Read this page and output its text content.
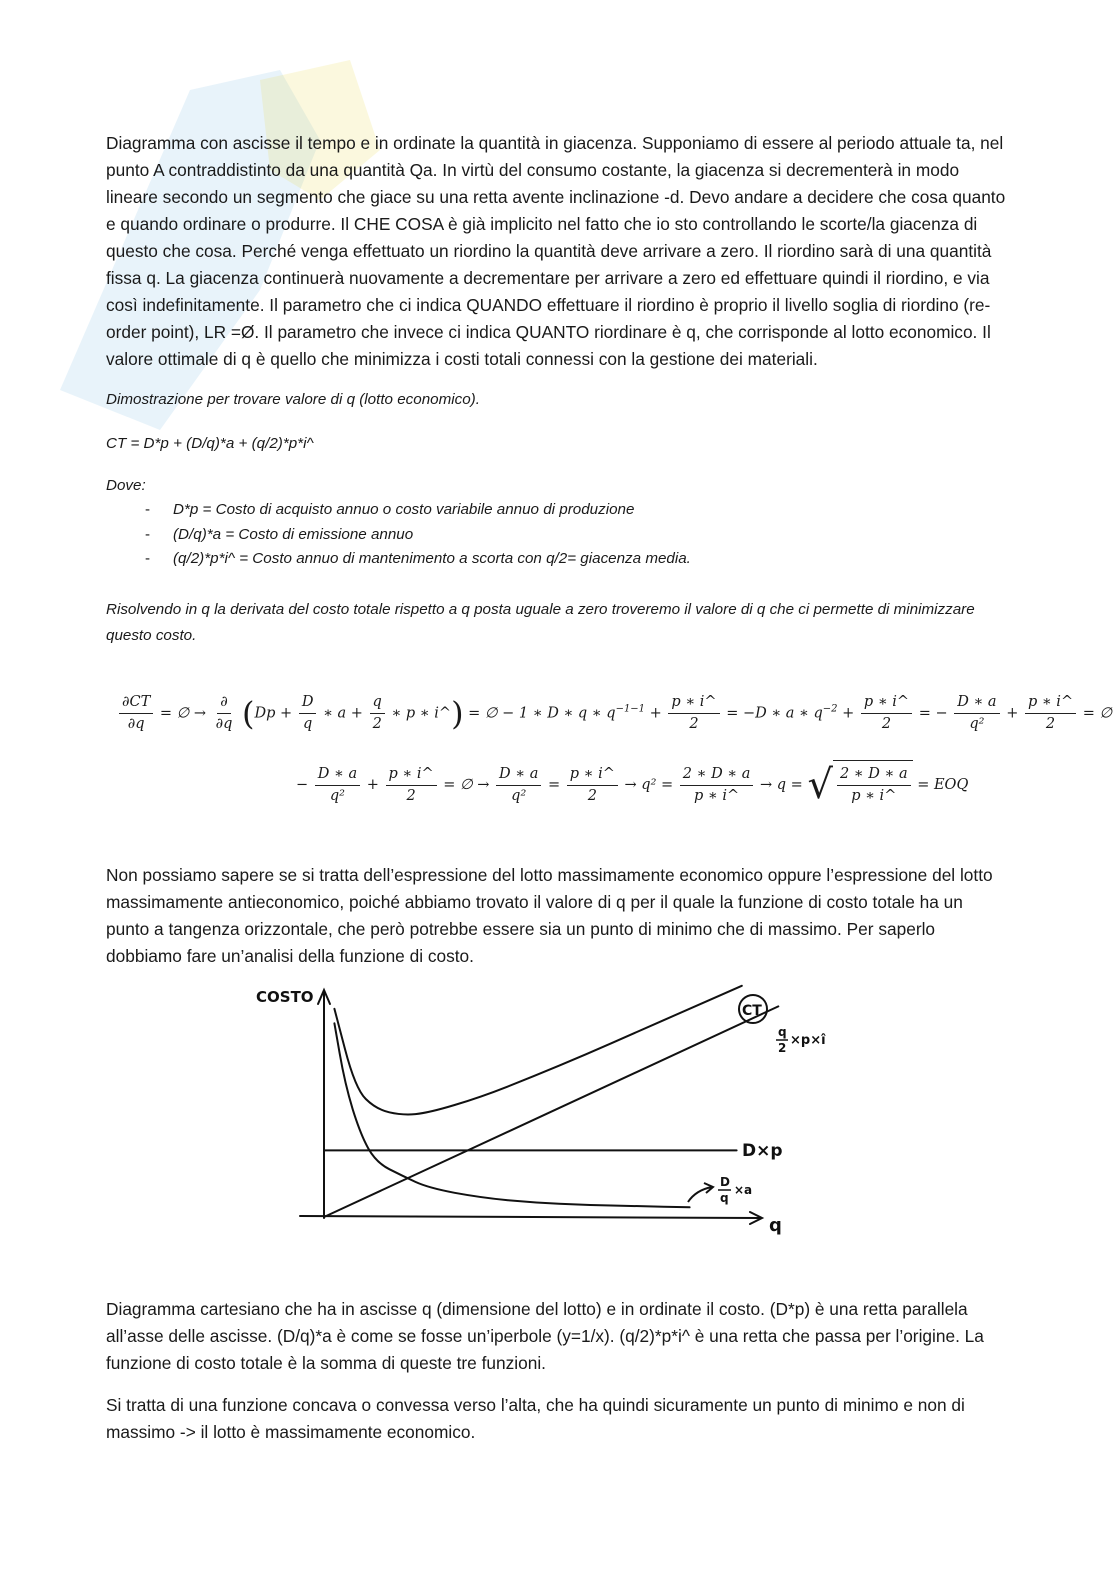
Diagramma con ascisse il tempo e in ordinate la quantità in giacenza. Supponiamo di essere al periodo attuale ta, nel punto A contraddistinto da una quantità Qa. In virtù del consumo costante, la giacenza si decrementerà in modo lineare secondo un segmento che giace su una retta avente inclinazione -d. Devo andare a decidere che cosa quanto e quando ordinare o produrre. Il CHE COSA è già implicito nel fatto che io sto controllando le scorte/la giacenza di questo che cosa. Perché venga effettuato un riordino la quantità deve arrivare a zero. Il riordino sarà di una quantità fissa q. La giacenza continuerà nuovamente a decrementare per arrivare a zero ed effettuare quindi il riordino, e via così indefinitamente. Il parametro che ci indica QUANDO effettuare il riordino è proprio il livello soglia di riordino (re-order point), LR =Ø. Il parametro che invece ci indica QUANTO riordinare è q, che corrisponde al lotto economico. Il valore ottimale di q è quello che minimizza i costi totali connessi con la gestione dei materiali.

Dimostrazione per trovare valore di q (lotto economico).

CT = D*p + (D/q)*a + (q/2)*p*i^

Dove:

- D*p = Costo di acquisto annuo o costo variabile annuo di produzione
- (D/q)*a = Costo di emissione annuo
- (q/2)*p*i^ = Costo annuo di mantenimento a scorta con q/2= giacenza media.

Risolvendo in q la derivata del costo totale rispetto a q posta uguale a zero troveremo il valore di q che ci permette di minimizzare questo costo.

$\frac{\partial CT}{\partial q}$ = ∅ → $\frac{\partial}{\partial q} (Dp + \frac{D}{q}$ ∗ $a + \frac{q}{2}$ ∗ p ∗ i^) = ∅ − 1 ∗ D ∗ q ∗ $q^{-1-1} + \frac{p ∗ i\^{}}{2} = -D$ ∗ a ∗ $q^{-2} + \frac{p ∗ i\^{}}{2}$ = − $\frac{D ∗ a}{\text{q²}} + \frac{p ∗ i\^{}}{2}$ = ∅
− $\frac{D ∗ a}{\text{q²}} + \frac{p ∗ i\^{}}{2}$ = ∅ → $\frac{D ∗ a}{\text{q²}} = \frac{p ∗ i\^{}}{2} \to q^2 = \frac{2 ∗ D ∗ a}{p ∗ i\^{}} \to q$ = √ $\frac{2 ∗ D ∗ a}{p ∗ i\^{}}$ = EOQ

Non possiamo sapere se si tratta dell’espressione del lotto massimamente economico oppure l’espressione del lotto massimamente antieconomico, poiché abbiamo trovato il valore di q per il quale la funzione di costo totale ha un punto a tangenza orizzontale, che però potrebbe essere sia un punto di minimo che di massimo. Per saperlo dobbiamo fare un’analisi della funzione di costo.

COSTO
q
CT
q
2 ×p×î
D×p
D
q
×a

Diagramma cartesiano che ha in ascisse q (dimensione del lotto) e in ordinate il costo. (D*p) è una retta parallela all’asse delle ascisse. (D/q)*a è come se fosse un’iperbole (y=1/x). (q/2)*p*i^ è una retta che passa per l’origine. La funzione di costo totale è la somma di queste tre funzioni.

Si tratta di una funzione concava o convessa verso l’alta, che ha quindi sicuramente un punto di minimo e non di massimo -> il lotto è massimamente economico.
